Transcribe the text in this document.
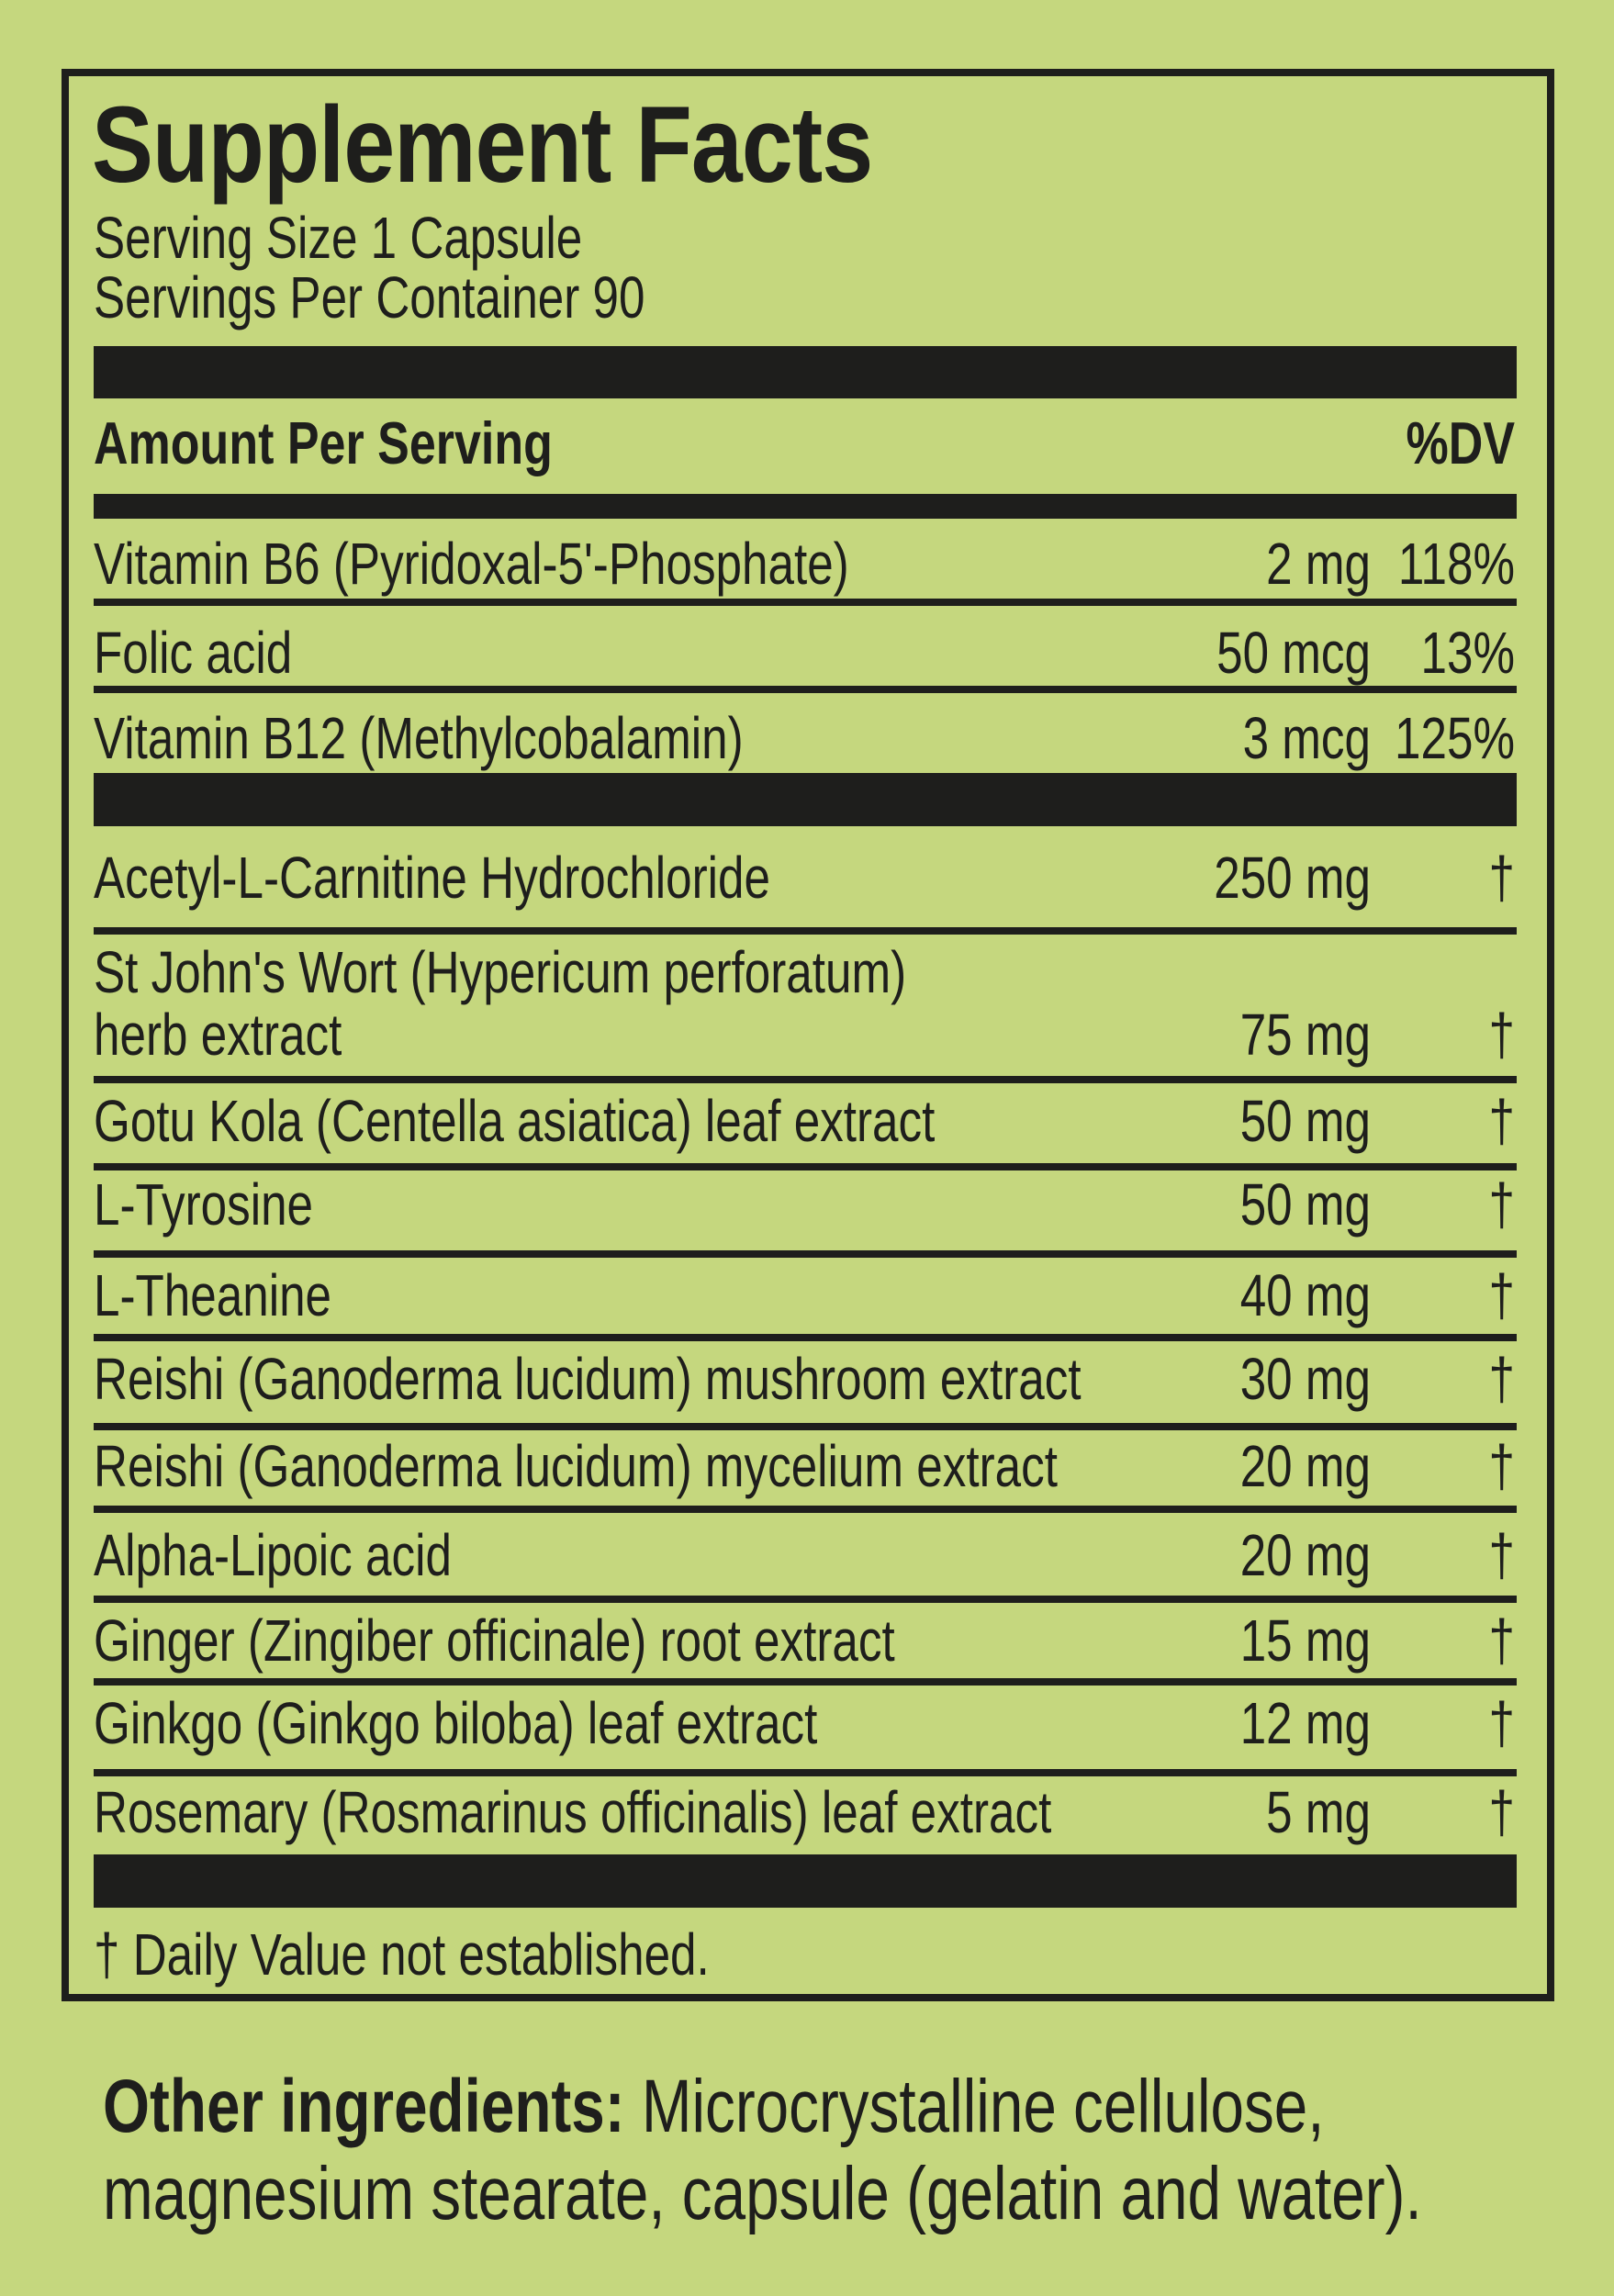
Supplement Facts
Serving Size 1 Capsule
Servings Per Container 90
Amount Per Serving	%DV
Vitamin B6 (Pyridoxal-5'-Phosphate)	2 mg 118%
Folic acid	50 mcg 13%
Vitamin B12 (Methylcobalamin)	3 mcg 125%
Acetyl-L-Carnitine Hydrochloride	250 mg	†
St John's Wort (Hypericum perforatum)
herb extract	75 mg	†
Gotu Kola (Centella asiatica) leaf extract	50 mg	†
L-Tyrosine	50 mg	†
L-Theanine	40 mg	†
Reishi (Ganoderma lucidum) mushroom extract	30 mg	†
Reishi (Ganoderma lucidum) mycelium extract	20 mg	†
Alpha-Lipoic acid	20 mg	†
Ginger (Zingiber officinale) root extract	15 mg	†
Ginkgo (Ginkgo biloba) leaf extract	12 mg	†
Rosemary (Rosmarinus officinalis) leaf extract	5 mg	†
† Daily Value not established.
Other ingredients: Microcrystalline cellulose, magnesium stearate, capsule (gelatin and water).
